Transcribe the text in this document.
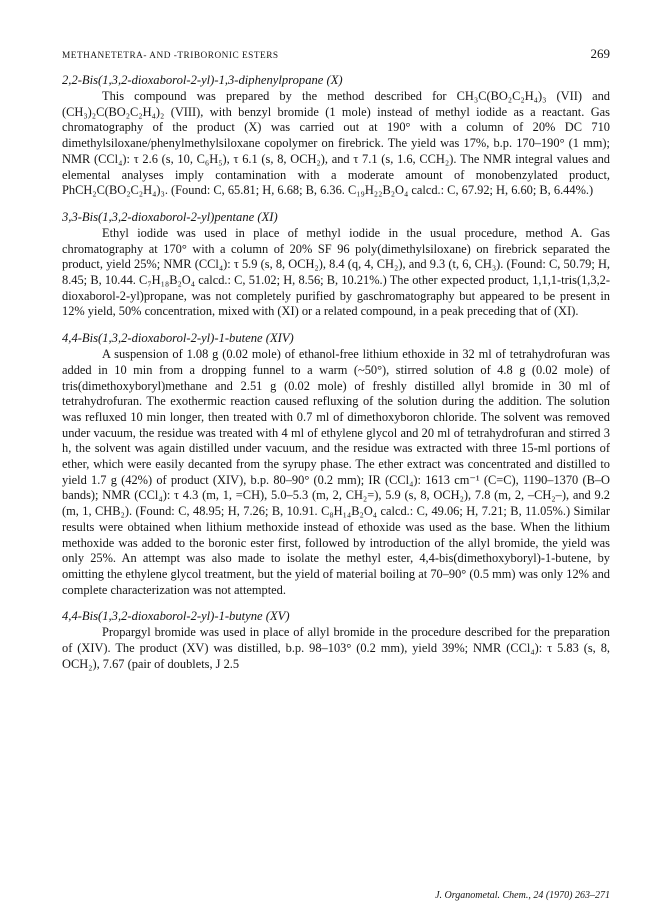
METHANETETRA- AND -TRIBORONIC ESTERS	269
2,2-Bis(1,3,2-dioxaborol-2-yl)-1,3-diphenylpropane (X)

This compound was prepared by the method described for CH₃C(BO₂C₂H₄)₃ (VII) and (CH₃)₂C(BO₂C₂H₄)₂ (VIII), with benzyl bromide (1 mole) instead of methyl iodide as a reactant. Gas chromatography of the product (X) was carried out at 190° with a column of 20% DC 710 dimethylsiloxane/phenylmethylsiloxane copolymer on firebrick. The yield was 17%, b.p. 170–190° (1 mm); NMR (CCl₄): τ 2.6 (s, 10, C₆H₅), τ 6.1 (s, 8, OCH₂), and τ 7.1 (s, 1.6, CCH₂). The NMR integral values and elemental analyses imply contamination with a moderate amount of monobenzylated product, PhCH₂C(BO₂C₂H₄)₃. (Found: C, 65.81; H, 6.68; B, 6.36. C₁₉H₂₂B₂O₄ calcd.: C, 67.92; H, 6.60; B, 6.44%.)

3,3-Bis(1,3,2-dioxaborol-2-yl)pentane (XI)

Ethyl iodide was used in place of methyl iodide in the usual procedure, method A. Gas chromatography at 170° with a column of 20% SF 96 poly(dimethylsiloxane) on firebrick separated the product, yield 25%; NMR (CCl₄): τ 5.9 (s, 8, OCH₂), 8.4 (q, 4, CH₂), and 9.3 (t, 6, CH₃). (Found: C, 50.79; H, 8.45; B, 10.44. C₇H₁₈B₂O₄ calcd.: C, 51.02; H, 8.56; B, 10.21%.) The other expected product, 1,1,1-tris(1,3,2-dioxaborol-2-yl)propane, was not completely purified by gaschromatography but appeared to be present in 12% yield, 50% concentration, mixed with (XI) or a related compound, in a peak preceding that of (XI).

4,4-Bis(1,3,2-dioxaborol-2-yl)-1-butene (XIV)

A suspension of 1.08 g (0.02 mole) of ethanol-free lithium ethoxide in 32 ml of tetrahydrofuran was added in 10 min from a dropping funnel to a warm (~50°), stirred solution of 4.8 g (0.02 mole) of tris(dimethoxyboryl)methane and 2.51 g (0.02 mole) of freshly distilled allyl bromide in 30 ml of tetrahydrofuran. The exothermic reaction caused refluxing of the solution during the addition. The solution was refluxed 10 min longer, then treated with 0.7 ml of dimethoxyboron chloride. The solvent was removed under vacuum, the residue was treated with 4 ml of ethylene glycol and 20 ml of tetrahydrofuran and stirred 3 h, the solvent was again distilled under vacuum, and the residue was extracted with three 15-ml portions of ether, which were easily decanted from the syrupy phase. The ether extract was concentrated and distilled to yield 1.7 g (42%) of product (XIV), b.p. 80–90° (0.2 mm); IR (CCl₄): 1613 cm⁻¹ (C=C), 1190–1370 (B–O bands); NMR (CCl₄): τ 4.3 (m, 1, =CH), 5.0–5.3 (m, 2, CH₂=), 5.9 (s, 8, OCH₂), 7.8 (m, 2, –CH₂–), and 9.2 (m, 1, CHB₂). (Found: C, 48.95; H, 7.26; B, 10.91. C₈H₁₄B₂O₄ calcd.: C, 49.06; H, 7.21; B, 11.05%.) Similar results were obtained when lithium methoxide instead of ethoxide was used as the base. When the lithium methoxide was added to the boronic ester first, followed by introduction of the allyl bromide, the yield was only 25%. An attempt was also made to isolate the methyl ester, 4,4-bis(dimethoxyboryl)-1-butene, by omitting the ethylene glycol treatment, but the yield of material boiling at 70–90° (0.5 mm) was only 12% and complete characterization was not attempted.

4,4-Bis(1,3,2-dioxaborol-2-yl)-1-butyne (XV)

Propargyl bromide was used in place of allyl bromide in the procedure described for the preparation of (XIV). The product (XV) was distilled, b.p. 98–103° (0.2 mm), yield 39%; NMR (CCl₄): τ 5.83 (s, 8, OCH₂), 7.67 (pair of doublets, J 2.5

J. Organometal. Chem., 24 (1970) 263–271
